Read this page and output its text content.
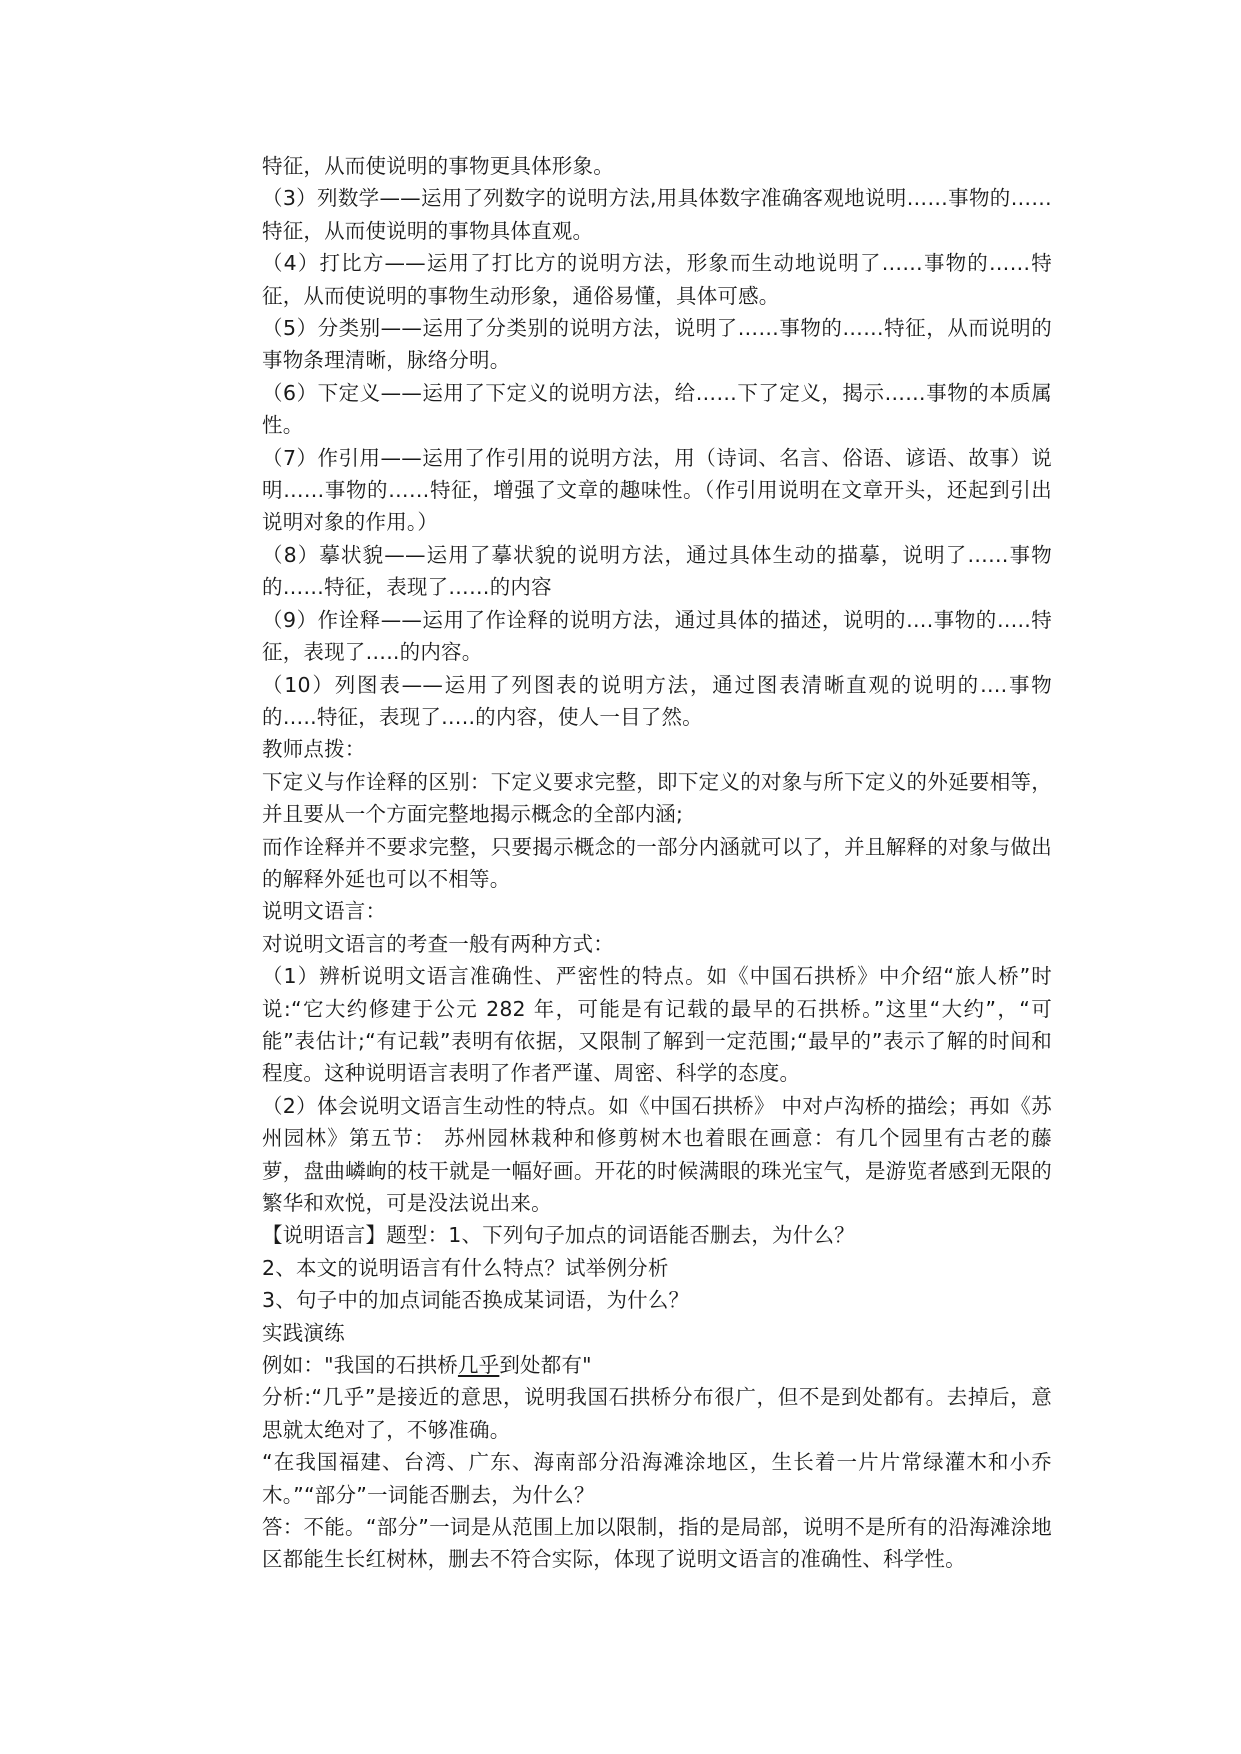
特征，从而使说明的事物更具体形象。

（3）列数学——运用了列数字的说明方法,用具体数字准确客观地说明……事物的……特征，从而使说明的事物具体直观。

（4）打比方——运用了打比方的说明方法，形象而生动地说明了……事物的……特征，从而使说明的事物生动形象，通俗易懂，具体可感。

（5）分类别——运用了分类别的说明方法，说明了……事物的……特征，从而说明的事物条理清晰，脉络分明。

（6）下定义——运用了下定义的说明方法，给……下了定义，揭示……事物的本质属性。

（7）作引用——运用了作引用的说明方法，用（诗词、名言、俗语、谚语、故事）说明……事物的……特征，增强了文章的趣味性。（作引用说明在文章开头，还起到引出说明对象的作用。）

（8）摹状貌——运用了摹状貌的说明方法，通过具体生动的描摹，说明了……事物的……特征，表现了……的内容

（9）作诠释——运用了作诠释的说明方法，通过具体的描述，说明的….事物的…..特征，表现了…..的内容。

（10）列图表——运用了列图表的说明方法，通过图表清晰直观的说明的….事物的…..特征，表现了…..的内容，使人一目了然。

教师点拨：

下定义与作诠释的区别：下定义要求完整，即下定义的对象与所下定义的外延要相等，并且要从一个方面完整地揭示概念的全部内涵;

而作诠释并不要求完整，只要揭示概念的一部分内涵就可以了，并且解释的对象与做出的解释外延也可以不相等。

说明文语言：

对说明文语言的考查一般有两种方式：

（1）辨析说明文语言准确性、严密性的特点。如《中国石拱桥》中介绍“旅人桥”时说:“它大约修建于公元 282 年，可能是有记载的最早的石拱桥。”这里“大约”，“可能”表估计;“有记载”表明有依据，又限制了解到一定范围;“最早的”表示了解的时间和程度。这种说明语言表明了作者严谨、周密、科学的态度。

（2）体会说明文语言生动性的特点。如《中国石拱桥》 中对卢沟桥的描绘；再如《苏州园林》第五节： 苏州园林栽种和修剪树木也着眼在画意：有几个园里有古老的藤萝，盘曲嶙峋的枝干就是一幅好画。开花的时候满眼的珠光宝气，是游览者感到无限的繁华和欢悦，可是没法说出来。

【说明语言】题型：1、下列句子加点的词语能否删去，为什么？

2、本文的说明语言有什么特点？试举例分析

3、句子中的加点词能否换成某词语，为什么？

实践演练

例如："我国的石拱桥几乎到处都有"

分析:“几乎”是接近的意思，说明我国石拱桥分布很广，但不是到处都有。去掉后，意思就太绝对了，不够准确。

“在我国福建、台湾、广东、海南部分沿海滩涂地区，生长着一片片常绿灌木和小乔木。”“部分”一词能否删去，为什么？

答：不能。“部分”一词是从范围上加以限制，指的是局部，说明不是所有的沿海滩涂地区都能生长红树林，删去不符合实际，体现了说明文语言的准确性、科学性。
